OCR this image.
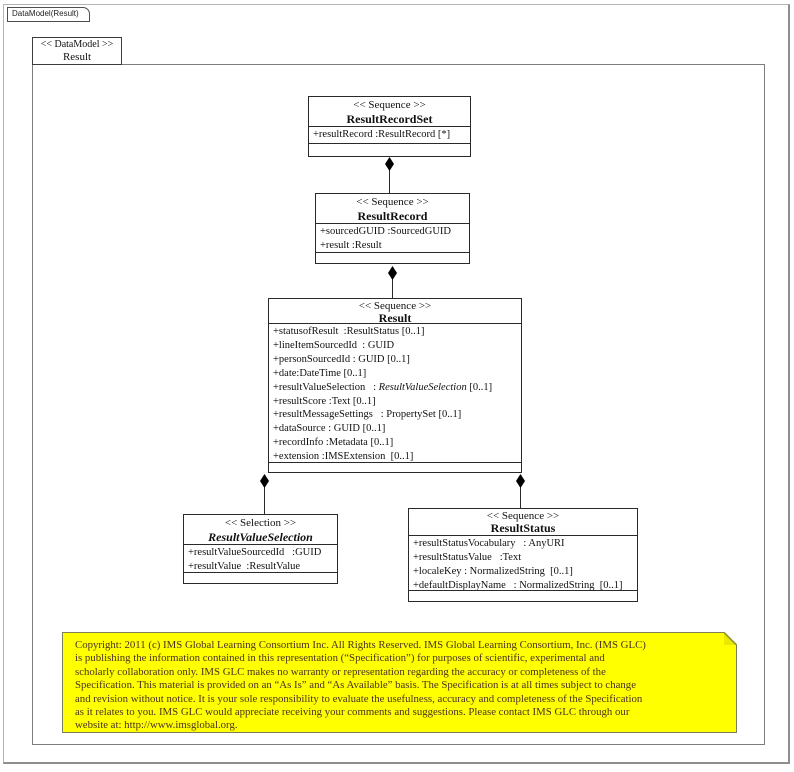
DataModel(Result)
<< DataModel >>
Result
<< Sequence >>
ResultRecordSet
+resultRecord :ResultRecord [*]
<< Sequence >>
ResultRecord
+sourcedGUID :SourcedGUID
+result :Result
<< Sequence >>
Result
+statusofResult  :ResultStatus [0..1]
+lineItemSourcedId  : GUID
+personSourcedId : GUID [0..1]
+date:DateTime [0..1]
+resultValueSelection   : ResultValueSelection [0..1]
+resultScore :Text [0..1]
+resultMessageSettings   : PropertySet [0..1]
+dataSource : GUID [0..1]
+recordInfo :Metadata [0..1]
+extension :IMSExtension  [0..1]
<< Selection >>
ResultValueSelection
+resultValueSourcedId   :GUID
+resultValue  :ResultValue
<< Sequence >>
ResultStatus
+resultStatusVocabulary   : AnyURI
+resultStatusValue   :Text
+localeKey : NormalizedString  [0..1]
+defaultDisplayName   : NormalizedString  [0..1]
Copyright: 2011 (c) IMS Global Learning Consortium Inc. All Rights Reserved. IMS Global Learning Consortium, Inc. (IMS GLC)
is publishing the information contained in this representation (“Specification”) for purposes of scientific, experimental and
scholarly collaboration only. IMS GLC makes no warranty or representation regarding the accuracy or completeness of the
Specification. This material is provided on an “As Is” and “As Available” basis. The Specification is at all times subject to change
and revision without notice. It is your sole responsibility to evaluate the usefulness, accuracy and completeness of the Specification
as it relates to you. IMS GLC would appreciate receiving your comments and suggestions. Please contact IMS GLC through our
website at: http://www.imsglobal.org.
